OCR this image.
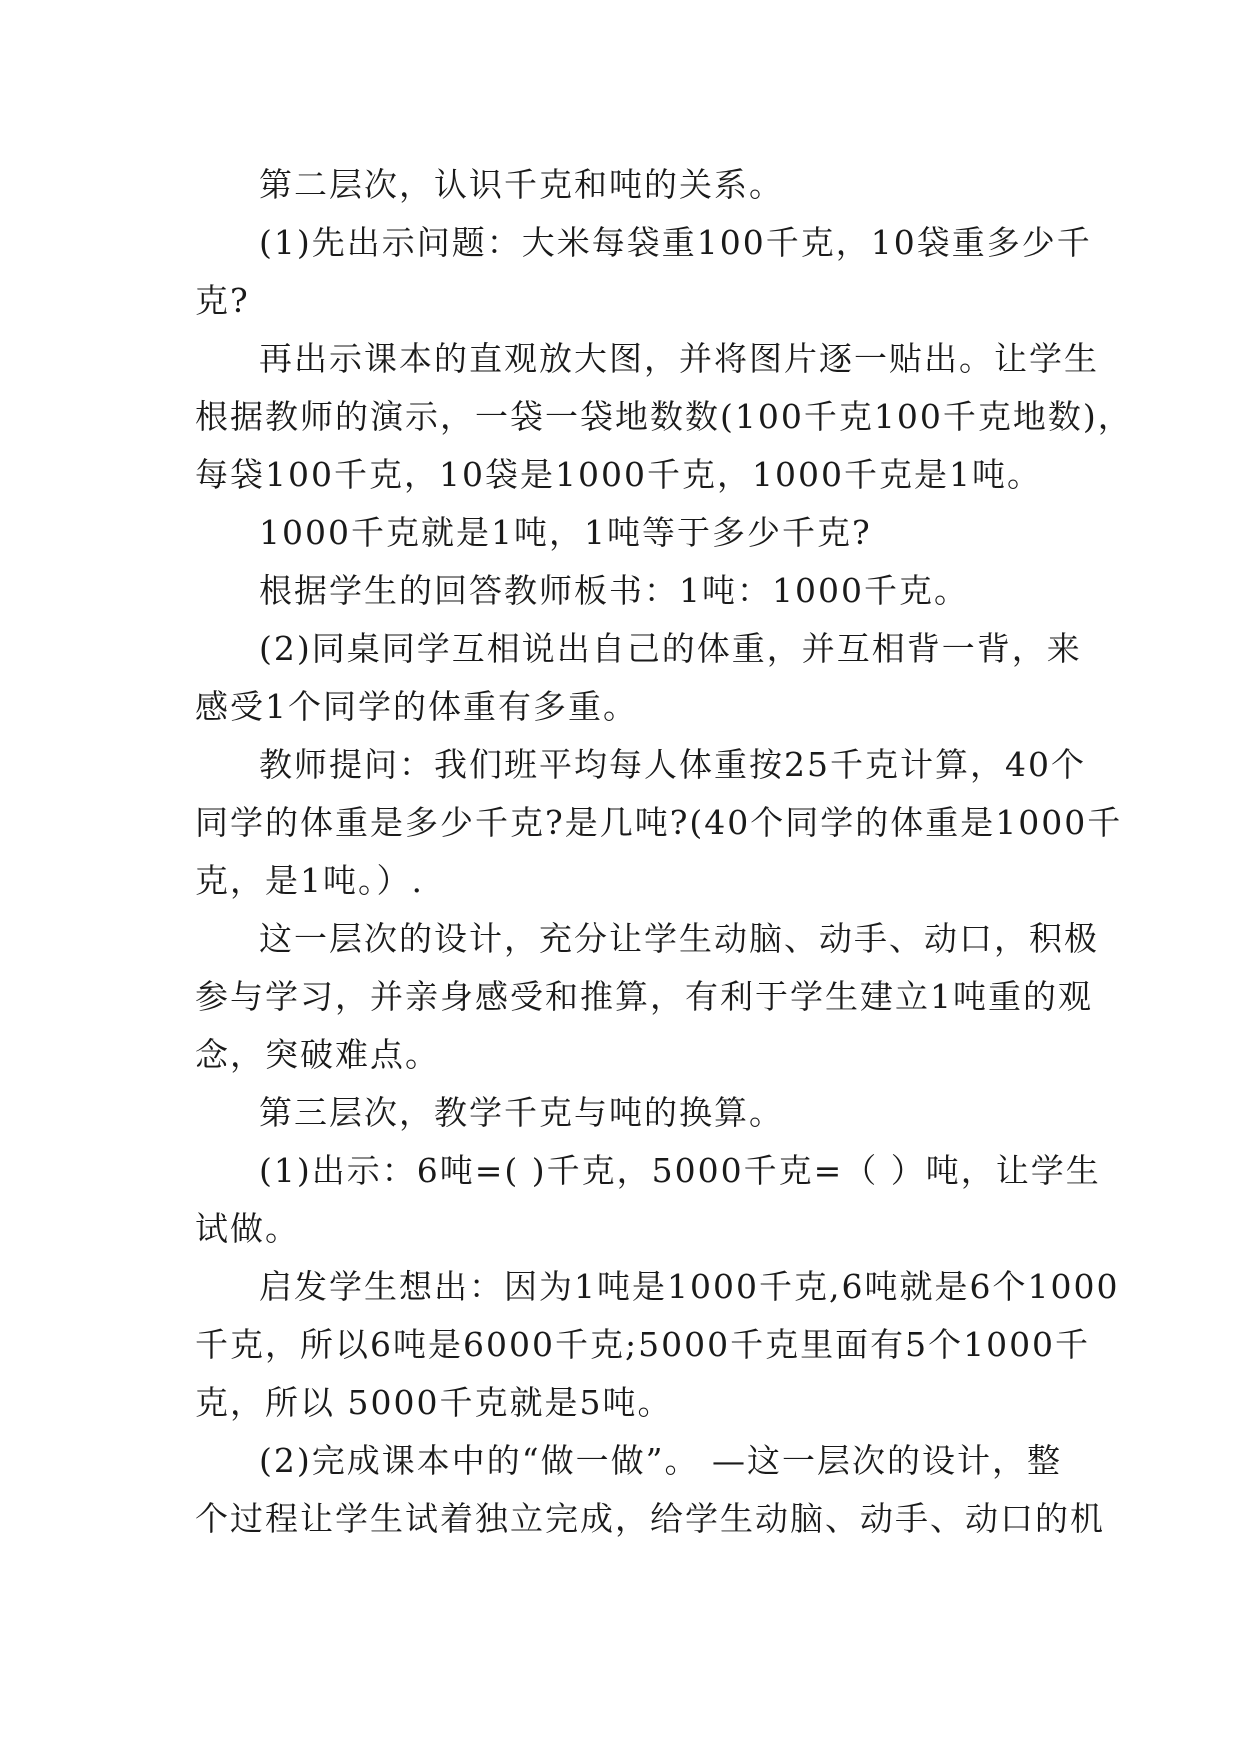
第二层次，认识千克和吨的关系。
(1)先出示问题：大米每袋重100千克，10袋重多少千
克?
再出示课本的直观放大图，并将图片逐一贴出。让学生
根据教师的演示，一袋一袋地数数(100千克100千克地数)，
每袋100千克，10袋是1000千克，1000千克是1吨。
1000千克就是1吨，1吨等于多少千克?
根据学生的回答教师板书：1吨：1000千克。
(2)同桌同学互相说出自己的体重，并互相背一背，来
感受1个同学的体重有多重。
教师提问：我们班平均每人体重按25千克计算，40个
同学的体重是多少千克?是几吨?(40个同学的体重是1000千
克，是1吨。）.
这一层次的设计，充分让学生动脑、动手、动口，积极
参与学习，并亲身感受和推算，有利于学生建立1吨重的观
念，突破难点。
第三层次，教学千克与吨的换算。
(1)出示：6吨=( )千克，5000千克=（ ）吨，让学生
试做。
启发学生想出：因为1吨是1000千克,6吨就是6个1000
千克，所以6吨是6000千克;5000千克里面有5个1000千
克，所以 5000千克就是5吨。
(2)完成课本中的“做一做”。 —这一层次的设计，整
个过程让学生试着独立完成，给学生动脑、动手、动口的机
